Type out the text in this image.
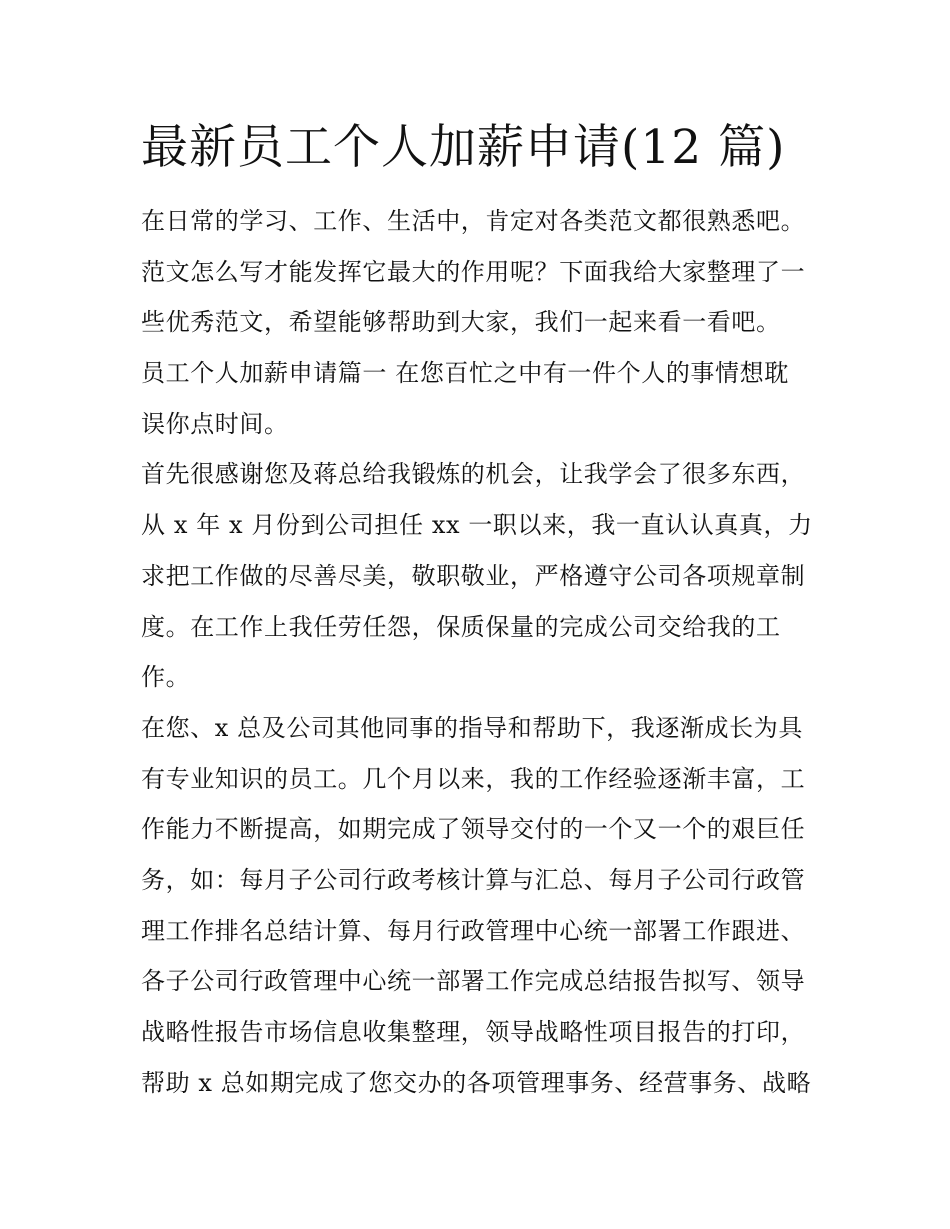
最新员工个人加薪申请(12 篇)
在日常的学习、工作、生活中，肯定对各类范文都很熟悉吧。
范文怎么写才能发挥它最大的作用呢？下面我给大家整理了一
些优秀范文，希望能够帮助到大家，我们一起来看一看吧。
员工个人加薪申请篇一 在您百忙之中有一件个人的事情想耽
误你点时间。
首先很感谢您及蒋总给我锻炼的机会，让我学会了很多东西，
从 x 年 x 月份到公司担任 xx 一职以来，我一直认认真真，力
求把工作做的尽善尽美，敬职敬业，严格遵守公司各项规章制
度。在工作上我任劳任怨，保质保量的完成公司交给我的工
作。
在您、x 总及公司其他同事的指导和帮助下，我逐渐成长为具
有专业知识的员工。几个月以来，我的工作经验逐渐丰富，工
作能力不断提高，如期完成了领导交付的一个又一个的艰巨任
务，如：每月子公司行政考核计算与汇总、每月子公司行政管
理工作排名总结计算、每月行政管理中心统一部署工作跟进、
各子公司行政管理中心统一部署工作完成总结报告拟写、领导
战略性报告市场信息收集整理，领导战略性项目报告的打印，
帮助 x 总如期完成了您交办的各项管理事务、经营事务、战略
